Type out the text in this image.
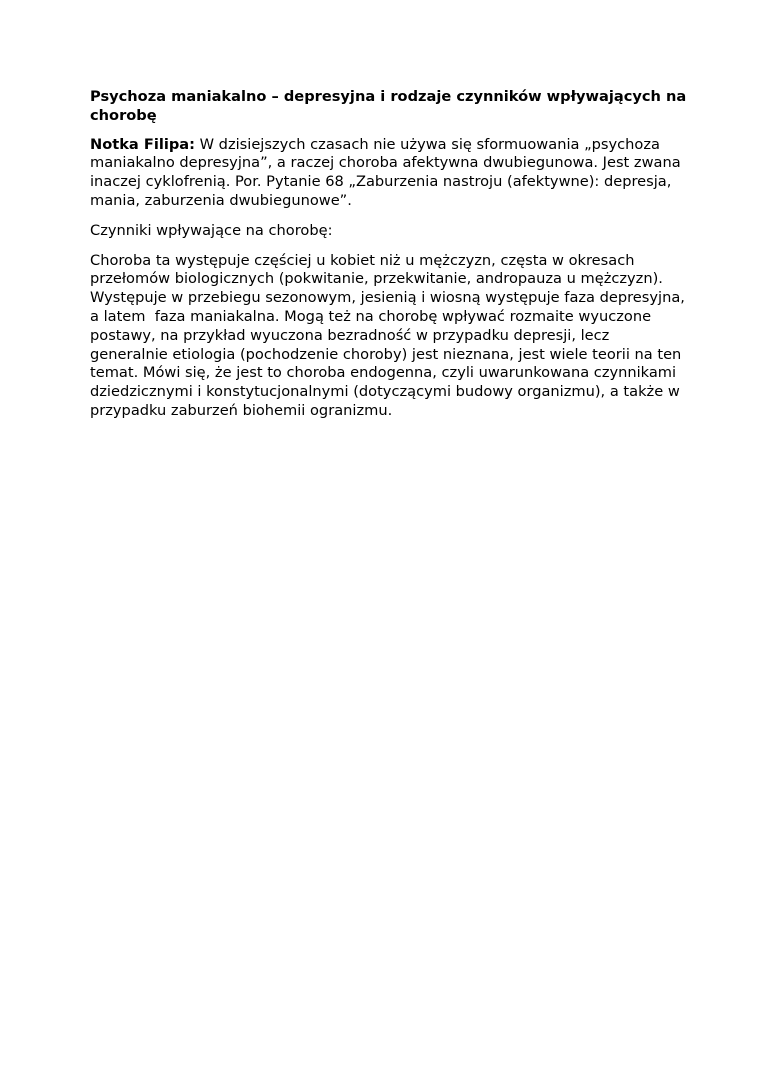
Psychoza maniakalno – depresyjna i rodzaje czynników wpływających na
chorobę

Notka Filipa: W dzisiejszych czasach nie używa się sformuowania „psychoza
maniakalno depresyjna”, a raczej choroba afektywna dwubiegunowa. Jest zwana
inaczej cyklofrenią. Por. Pytanie 68 „Zaburzenia nastroju (afektywne): depresja,
mania, zaburzenia dwubiegunowe”.

Czynniki wpływające na chorobę:

Choroba ta występuje częściej u kobiet niż u mężczyzn, częsta w okresach
przełomów biologicznych (pokwitanie, przekwitanie, andropauza u mężczyzn).
Występuje w przebiegu sezonowym, jesienią i wiosną występuje faza depresyjna,
a latem  faza maniakalna. Mogą też na chorobę wpływać rozmaite wyuczone
postawy, na przykład wyuczona bezradność w przypadku depresji, lecz
generalnie etiologia (pochodzenie choroby) jest nieznana, jest wiele teorii na ten
temat. Mówi się, że jest to choroba endogenna, czyli uwarunkowana czynnikami
dziedzicznymi i konstytucjonalnymi (dotyczącymi budowy organizmu), a także w
przypadku zaburzeń biohemii ogranizmu.
